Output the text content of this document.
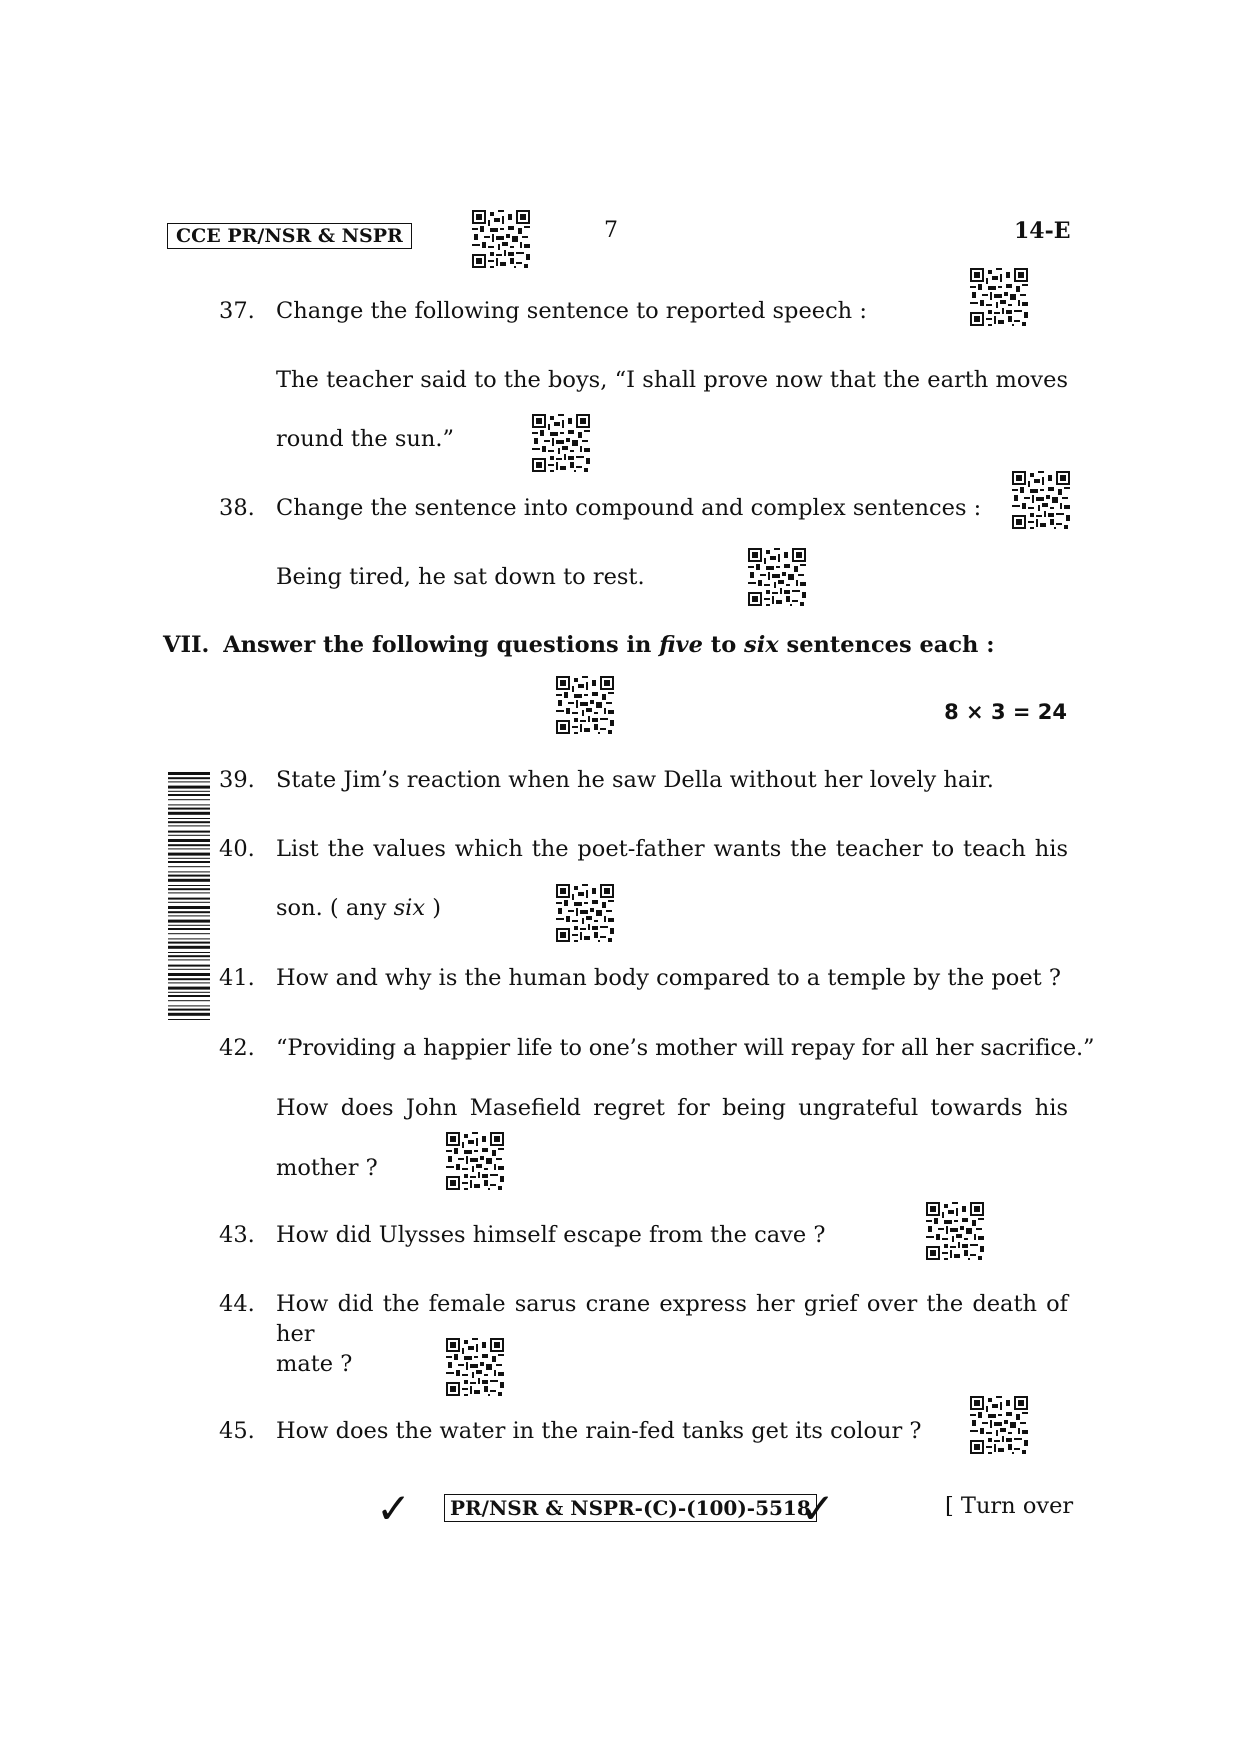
CCE PR/NSR & NSPR	7	14-E
37. Change the following sentence to reported speech :
The teacher said to the boys, “I shall prove now that the earth moves
round the sun.”
38. Change the sentence into compound and complex sentences :
Being tired, he sat down to rest.
VII. Answer the following questions in five to six sentences each :
8 × 3 = 24
39. State Jim’s reaction when he saw Della without her lovely hair.
40. List the values which the poet-father wants the teacher to teach his
son. ( any six )
41. How and why is the human body compared to a temple by the poet ?
42. “Providing a happier life to one’s mother will repay for all her sacrifice.”
How does John Masefield regret for being ungrateful towards his
mother ?
43. How did Ulysses himself escape from the cave ?
44. How did the female sarus crane express her grief over the death of her
mate ?
45. How does the water in the rain-fed tanks get its colour ?
✓	PR/NSR & NSPR-(C)-(100)-5518
✓	[ Turn over
